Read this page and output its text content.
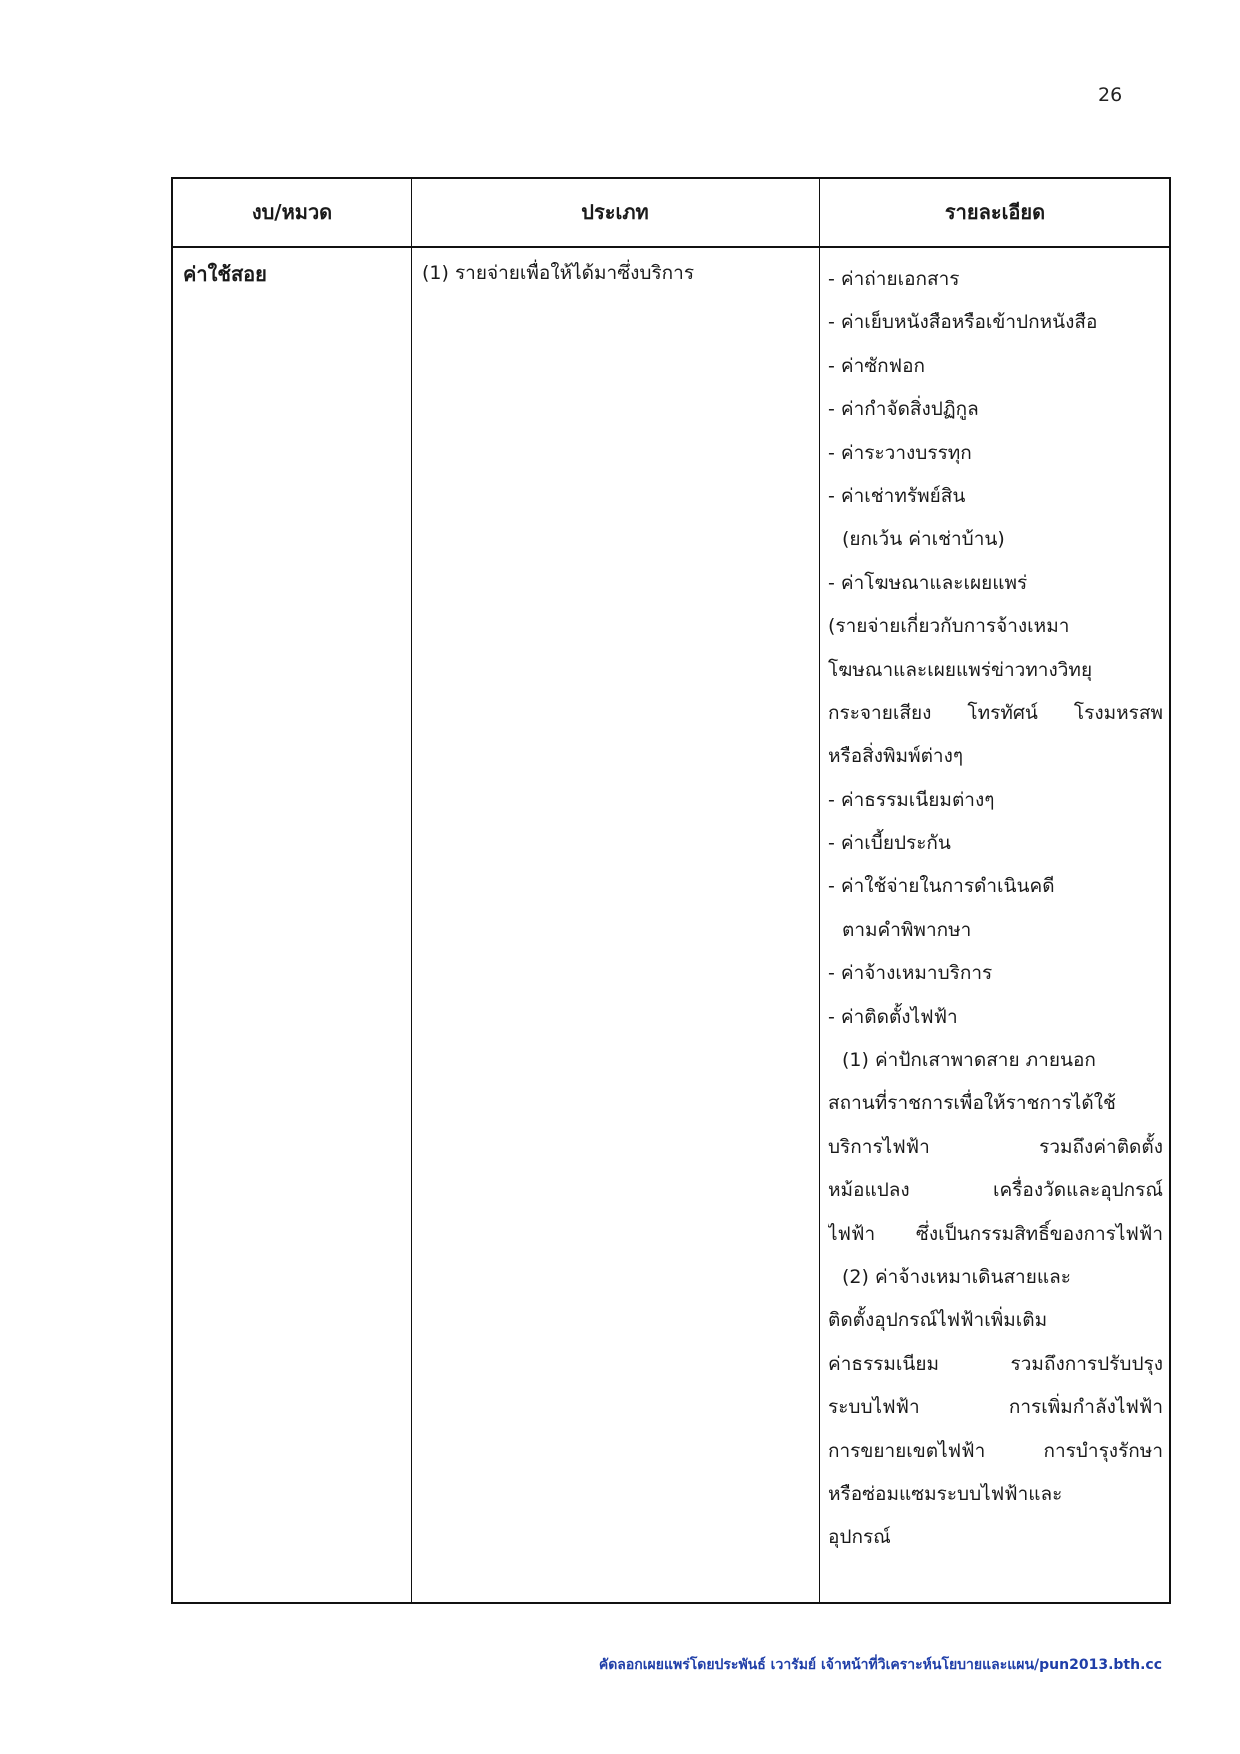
26
งบ/หมวด	ประเภท	รายละเอียด
ค่าใช้สอย	(1) รายจ่ายเพื่อให้ได้มาซึ่งบริการ	- ค่าถ่ายเอกสาร
- ค่าเย็บหนังสือหรือเข้าปกหนังสือ
- ค่าซักฟอก
- ค่ากำจัดสิ่งปฏิกูล
- ค่าระวางบรรทุก
- ค่าเช่าทรัพย์สิน
(ยกเว้น ค่าเช่าบ้าน)
- ค่าโฆษณาและเผยแพร่
(รายจ่ายเกี่ยวกับการจ้างเหมา
โฆษณาและเผยแพร่ข่าวทางวิทยุ
กระจายเสียง โทรทัศน์ โรงมหรสพ
หรือสิ่งพิมพ์ต่างๆ
- ค่าธรรมเนียมต่างๆ
- ค่าเบี้ยประกัน
- ค่าใช้จ่ายในการดำเนินคดี
ตามคำพิพากษา
- ค่าจ้างเหมาบริการ
- ค่าติดตั้งไฟฟ้า
(1) ค่าปักเสาพาดสาย ภายนอก
สถานที่ราชการเพื่อให้ราชการได้ใช้
บริการไฟฟ้า รวมถึงค่าติดตั้ง
หม้อแปลง เครื่องวัดและอุปกรณ์
ไฟฟ้า ซึ่งเป็นกรรมสิทธิ์ของการไฟฟ้า
(2) ค่าจ้างเหมาเดินสายและ
ติดตั้งอุปกรณ์ไฟฟ้าเพิ่มเติม
ค่าธรรมเนียม รวมถึงการปรับปรุง
ระบบไฟฟ้า การเพิ่มกำลังไฟฟ้า
การขยายเขตไฟฟ้า การบำรุงรักษา
หรือซ่อมแซมระบบไฟฟ้าและ
อุปกรณ์
คัดลอกเผยแพร่โดยประพันธ์ เวารัมย์ เจ้าหน้าที่วิเคราะห์นโยบายและแผน/pun2013.bth.cc
